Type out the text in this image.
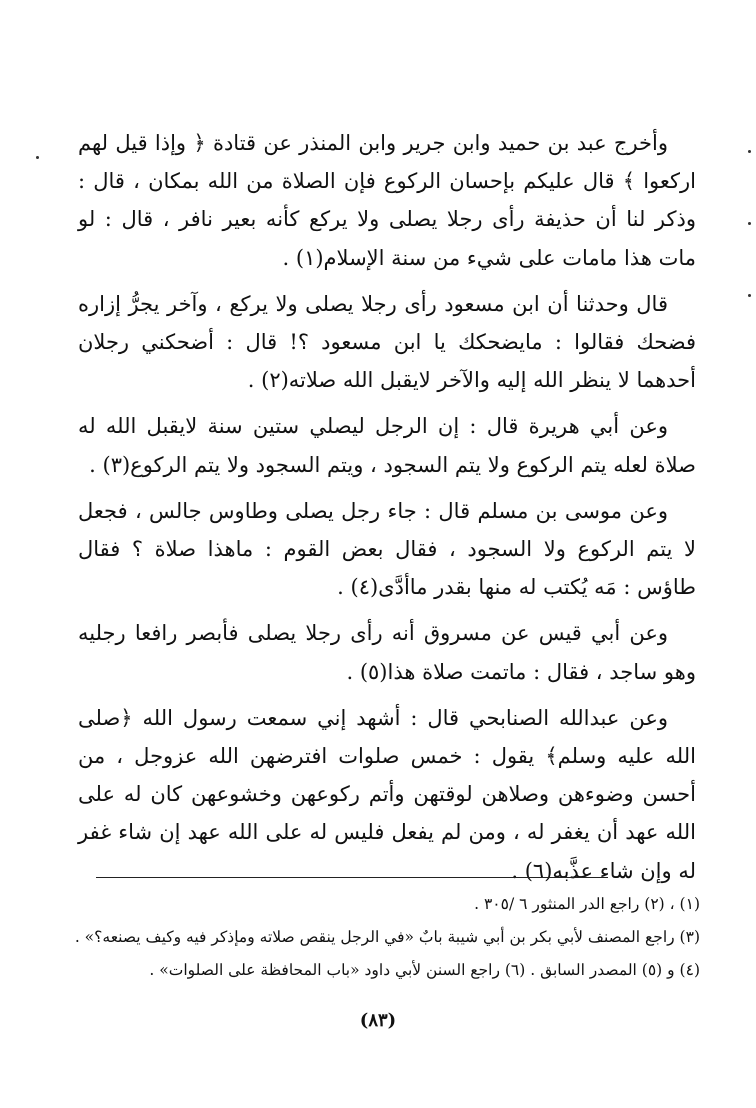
وأخرج عبد بن حميد وابن جرير وابن المنذر عن قتادة ﴿ وإذا قيل لهم اركعوا ﴾ قال عليكم بإحسان الركوع فإن الصلاة من الله بمكان ، قال : وذكر لنا أن حذيفة رأى رجلا يصلى ولا يركع كأنه بعير نافر ، قال : لو مات هذا مامات على شيء من سنة الإسلام(١) .

قال وحدثنا أن ابن مسعود رأى رجلا يصلى ولا يركع ، وآخر يجرُّ إزاره فضحك فقالوا : مايضحكك يا ابن مسعود ؟! قال : أضحكني رجلان أحدهما لا ينظر الله إليه والآخر لايقبل الله صلاته(٢) .

وعن أبي هريرة قال : إن الرجل ليصلي ستين سنة لايقبل الله له صلاة لعله يتم الركوع ولا يتم السجود ، ويتم السجود ولا يتم الركوع(٣) .

وعن موسى بن مسلم قال : جاء رجل يصلى وطاوس جالس ، فجعل لا يتم الركوع ولا السجود ، فقال بعض القوم : ماهذا صلاة ؟ فقال طاؤس : مَه يُكتب له منها بقدر ماأدَّى(٤) .

وعن أبي قيس عن مسروق أنه رأى رجلا يصلى فأبصر رافعا رجليه وهو ساجد ، فقال : ماتمت صلاة هذا(٥) .

وعن عبدالله الصنابحي قال : أشهد إني سمعت رسول الله ﴿صلى الله عليه وسلم﴾ يقول : خمس صلوات افترضهن الله عزوجل ، من أحسن وضوءهن وصلاهن لوقتهن وأتم ركوعهن وخشوعهن كان له على الله عهد أن يغفر له ، ومن لم يفعل فليس له على الله عهد إن شاء غفر له وإن شاء عذَّبه(٦) .

(١) ، (٢) راجع الدر المنثور ٦ /٣٠٥ .

(٣) راجع المصنف لأبي بكر بن أبي شيبة بابٌ «في الرجل ينقص صلاته ومإذكر فيه وكيف يصنعه؟» . (٤) و (٥) المصدر السابق . (٦) راجع السنن لأبي داود «باب المحافظة على الصلوات» .

(٨٣)
